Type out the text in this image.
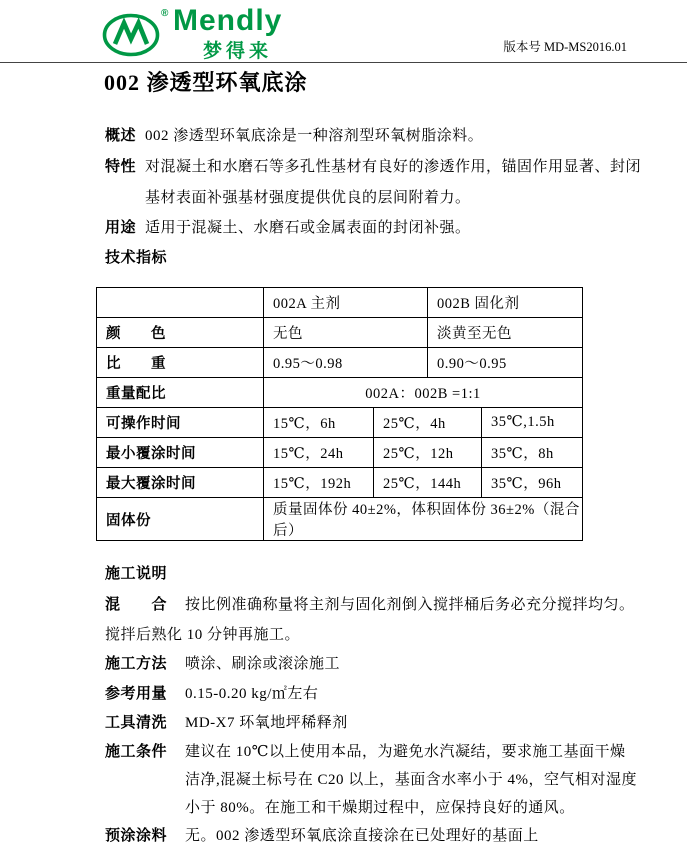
® Mendly
梦得来	版本号 MD-MS2016.01
002 渗透型环氧底涂
概述 002 渗透型环氧底涂是一种溶剂型环氧树脂涂料。
特性 对混凝土和水磨石等多孔性基材有良好的渗透作用，锚固作用显著、封闭
基材表面补强基材强度提供优良的层间附着力。
用途 适用于混凝土、水磨石或金属表面的封闭补强。
技术指标
	002A 主剂		002B 固化剂	
颜　　色	无色		淡黄至无色	
比　　重	0.95～0.98		0.90～0.95	
重量配比	002A：002B =1:1			
可操作时间	15℃，6h	25℃，4h		35℃,1.5h
最小覆涂时间	15℃，24h	25℃，12h		35℃，8h
最大覆涂时间	15℃，192h	25℃，144h		35℃，96h
固体份	质量固体份 40±2%，体积固体份 36±2%（混合后）			
施工说明
混　　合 按比例准确称量将主剂与固化剂倒入搅拌桶后务必充分搅拌均匀。
搅拌后熟化 10 分钟再施工。
施工方法 喷涂、刷涂或滚涂施工
参考用量 0.15-0.20 kg/㎡左右
工具清洗 MD-X7 环氧地坪稀释剂
施工条件 建议在 10℃以上使用本品，为避免水汽凝结，要求施工基面干燥
洁净,混凝土标号在 C20 以上，基面含水率小于 4%，空气相对湿度
小于 80%。在施工和干燥期过程中，应保持良好的通风。
预涂涂料 无。002 渗透型环氧底涂直接涂在已处理好的基面上
